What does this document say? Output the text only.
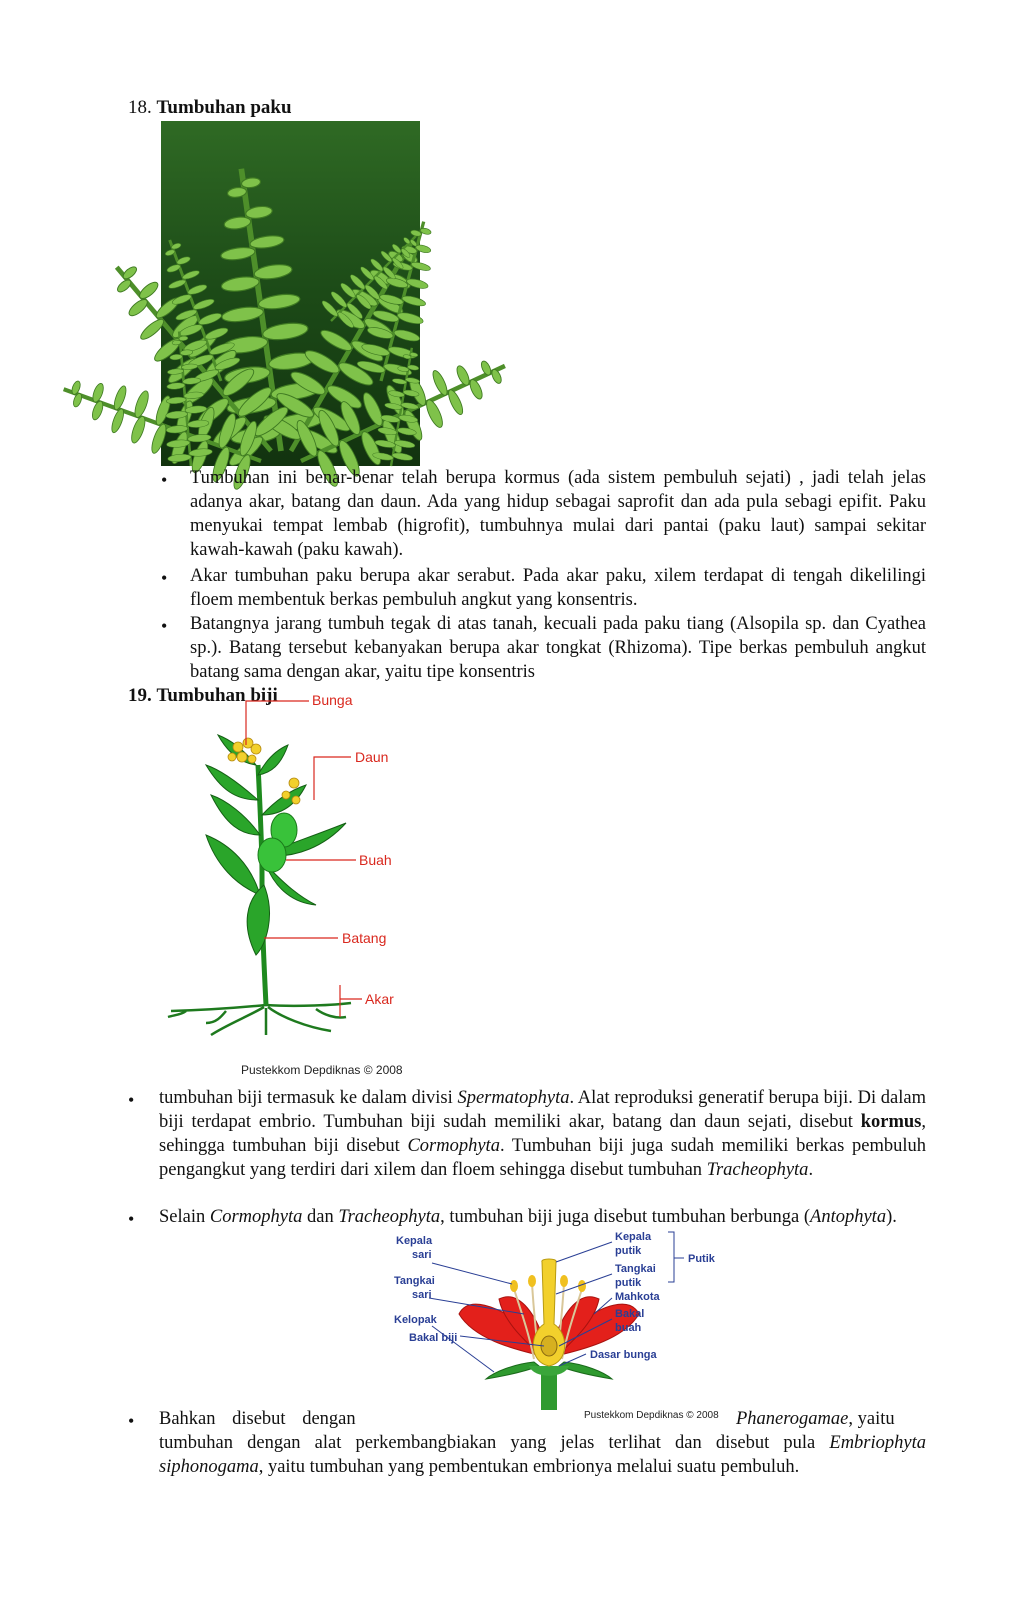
18. Tumbuhan paku
• Tumbuhan ini benar-benar telah berupa kormus (ada sistem pembuluh sejati) , jadi telah jelas adanya akar, batang dan daun. Ada yang hidup sebagai saprofit dan ada pula sebagi epifit. Paku menyukai tempat lembab (higrofit), tumbuhnya mulai dari pantai (paku laut) sampai sekitar kawah-kawah (paku kawah).

• Akar tumbuhan paku berupa akar serabut. Pada akar paku, xilem terdapat di tengah dikelilingi floem membentuk berkas pembuluh angkut yang konsentris.

• Batangnya jarang tumbuh tegak di atas tanah, kecuali pada paku tiang (Alsopila sp. dan Cyathea sp.). Batang tersebut kebanyakan berupa akar tongkat (Rhizoma). Tipe berkas pembuluh angkut batang sama dengan akar, yaitu tipe konsentris

19. Tumbuhan biji Bunga
Daun
Buah
Batang
Akar
Pustekkom Depdiknas © 2008
• tumbuhan biji termasuk ke dalam divisi Spermatophyta. Alat reproduksi generatif berupa biji. Di dalam biji terdapat embrio. Tumbuhan biji sudah memiliki akar, batang dan daun sejati, disebut kormus, sehingga tumbuhan biji disebut Cormophyta. Tumbuhan biji juga sudah memiliki berkas pembuluh pengangkut yang terdiri dari xilem dan floem sehingga disebut tumbuhan Tracheophyta.

• Selain Cormophyta dan Tracheophyta, tumbuhan biji juga disebut tumbuhan berbunga (Antophyta).

Kepala
sari
Tangkai
sari
Kelopak
Bakal biji
Kepala
putik
Tangkai
putik
Mahkota
Bakal
buah
Dasar bunga
Putik
• Bahkan disebut dengan	Pustekkom Depdiknas © 2008 Phanerogamae, yaitu

tumbuhan dengan alat perkembangbiakan yang jelas terlihat dan disebut pula Embriophyta siphonogama, yaitu tumbuhan yang pembentukan embrionya melalui suatu pembuluh.
